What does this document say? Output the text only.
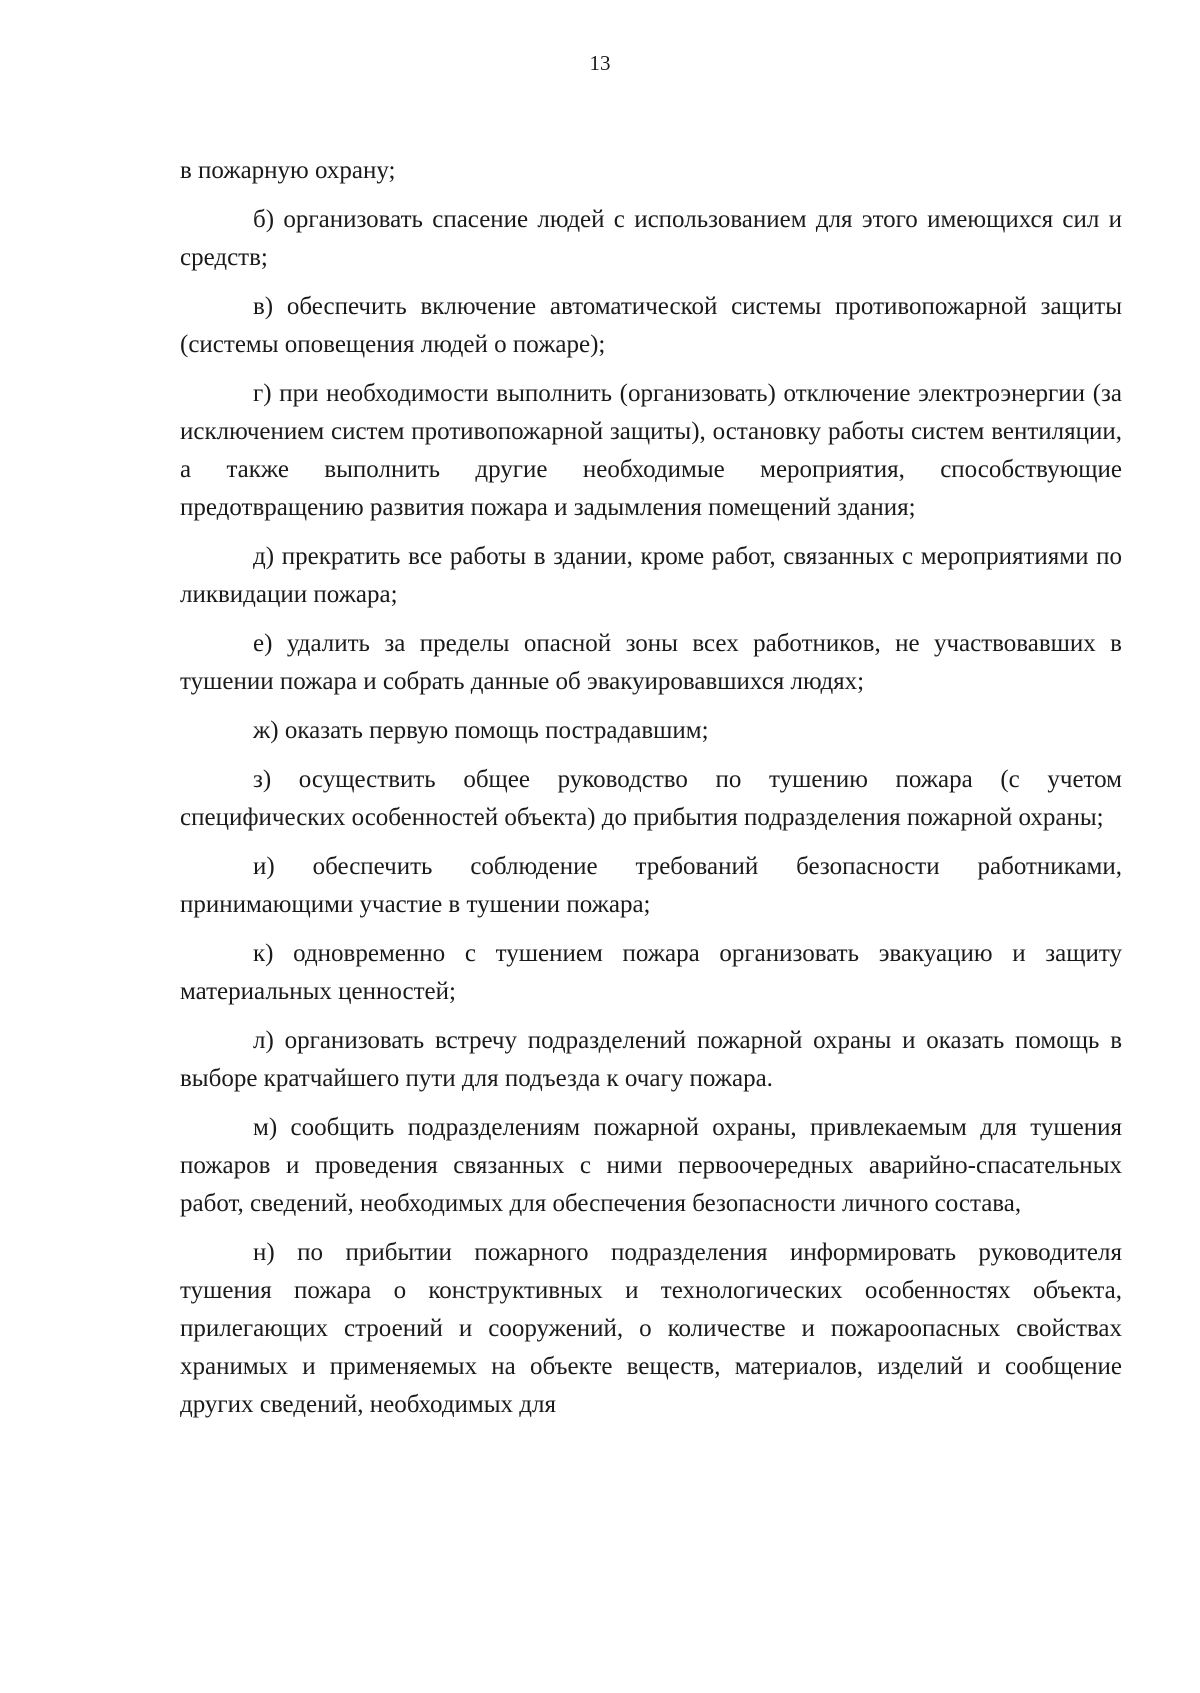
13

в пожарную охрану;

б) организовать спасение людей с использованием для этого имеющихся сил и средств;

в) обеспечить включение автоматической системы противопожарной защиты (системы оповещения людей о пожаре);

г) при необходимости выполнить (организовать) отключение электроэнергии (за исключением систем противопожарной защиты), остановку работы систем вентиляции, а также выполнить другие необходимые мероприятия, способствующие предотвращению развития пожара и задымления помещений здания;

д) прекратить все работы в здании, кроме работ, связанных с мероприятиями по ликвидации пожара;

е) удалить за пределы опасной зоны всех работников, не участвовавших в тушении пожара и собрать данные об эвакуировавшихся людях;

ж) оказать первую помощь пострадавшим;

з) осуществить общее руководство по тушению пожара (с учетом специфических особенностей объекта) до прибытия подразделения пожарной охраны;

и) обеспечить соблюдение требований безопасности работниками, принимающими участие в тушении пожара;

к) одновременно с тушением пожара организовать эвакуацию и защиту материальных ценностей;

л) организовать встречу подразделений пожарной охраны и оказать помощь в выборе кратчайшего пути для подъезда к очагу пожара.

м) сообщить подразделениям пожарной охраны, привлекаемым для тушения пожаров и проведения связанных с ними первоочередных аварийно-спасательных работ, сведений, необходимых для обеспечения безопасности личного состава,

н) по прибытии пожарного подразделения информировать руководителя тушения пожара о конструктивных и технологических особенностях объекта, прилегающих строений и сооружений, о количестве и пожароопасных свойствах хранимых и применяемых на объекте веществ, материалов, изделий и сообщение других сведений, необходимых для
